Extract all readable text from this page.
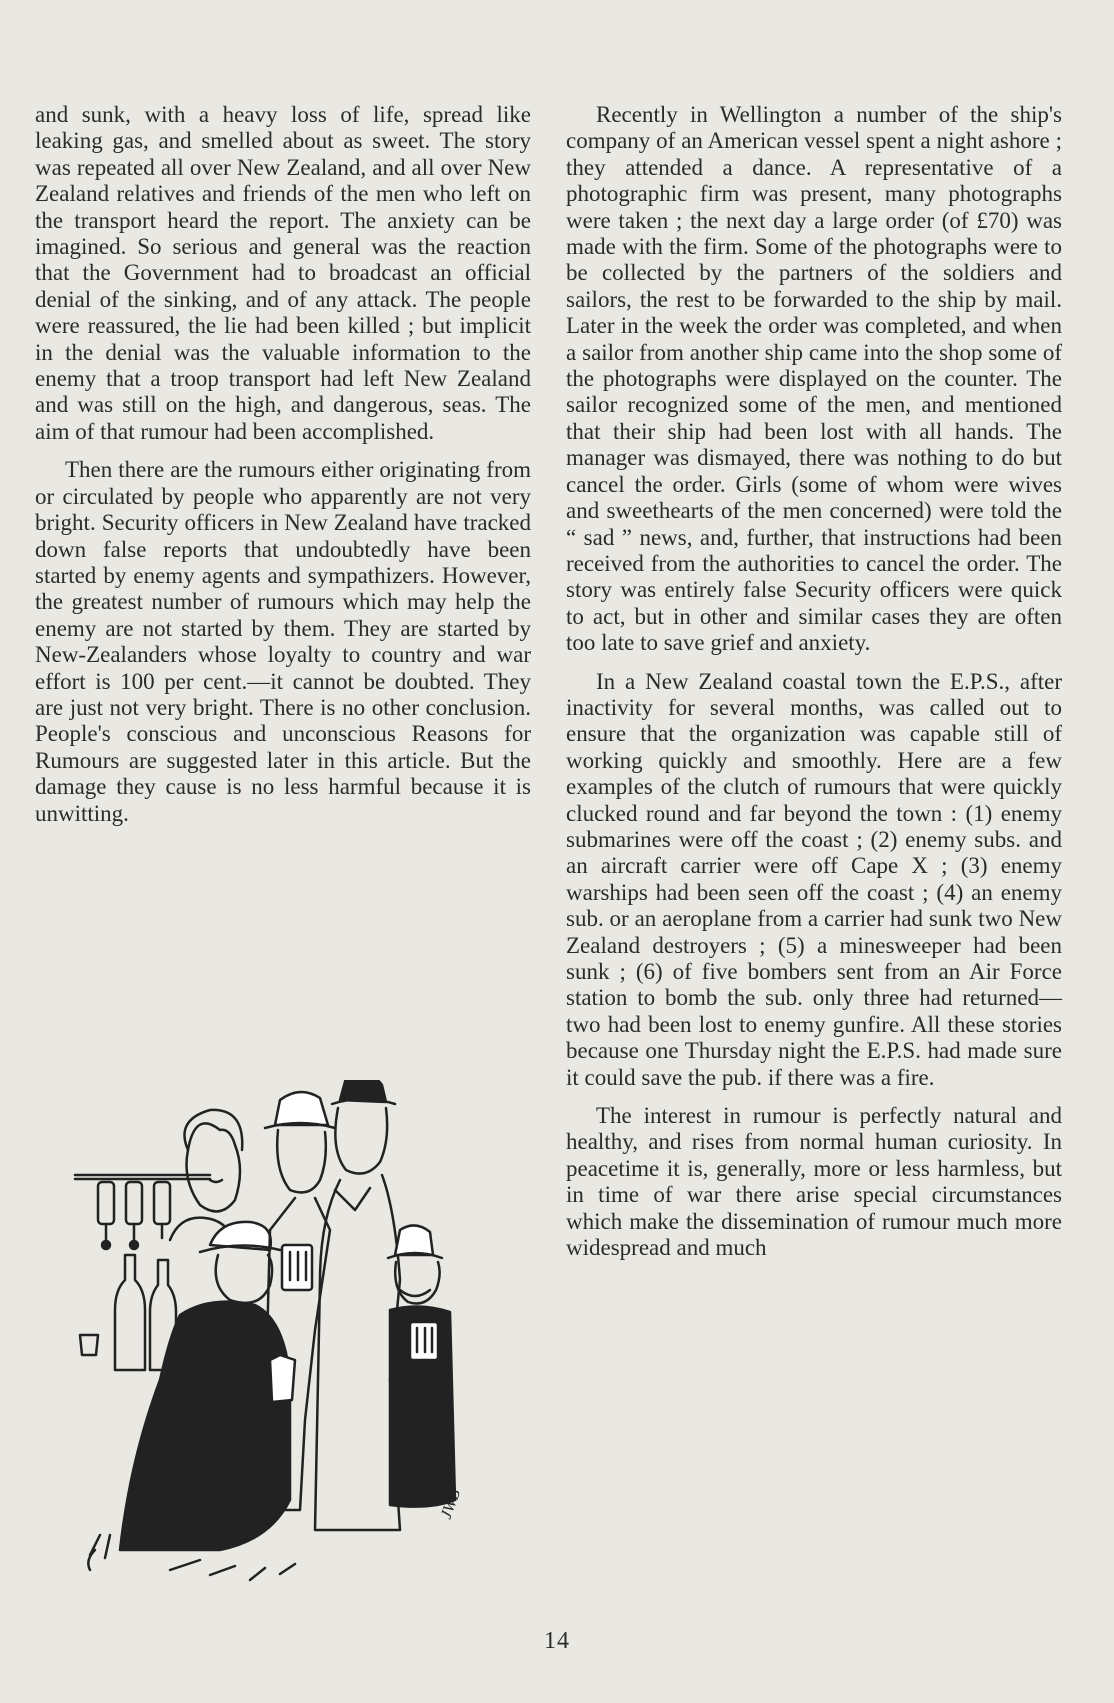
and sunk, with a heavy loss of life, spread like leaking gas, and smelled about as sweet. The story was repeated all over New Zealand, and all over New Zealand relatives and friends of the men who left on the transport heard the report. The anxiety can be imagined. So serious and general was the reaction that the Government had to broadcast an official denial of the sinking, and of any attack. The people were reassured, the lie had been killed ; but implicit in the denial was the valuable information to the enemy that a troop transport had left New Zealand and was still on the high, and dangerous, seas. The aim of that rumour had been accomplished.

Then there are the rumours either originating from or circulated by people who apparently are not very bright. Security officers in New Zealand have tracked down false reports that undoubtedly have been started by enemy agents and sympathizers. However, the greatest number of rumours which may help the enemy are not started by them. They are started by New-Zealanders whose loyalty to country and war effort is 100 per cent.—it cannot be doubted. They are just not very bright. There is no other conclusion. People's conscious and unconscious Reasons for Rumours are suggested later in this article. But the damage they cause is no less harmful because it is unwitting.

Recently in Wellington a number of the ship's company of an American vessel spent a night ashore ; they attended a dance. A representative of a photographic firm was present, many photographs were taken ; the next day a large order (of £70) was made with the firm. Some of the photographs were to be collected by the partners of the soldiers and sailors, the rest to be forwarded to the ship by mail. Later in the week the order was completed, and when a sailor from another ship came into the shop some of the photographs were displayed on the counter. The sailor recognized some of the men, and mentioned that their ship had been lost with all hands. The manager was dismayed, there was nothing to do but cancel the order. Girls (some of whom were wives and sweethearts of the men concerned) were told the “ sad ” news, and, further, that instructions had been received from the authorities to cancel the order. The story was entirely false Security officers were quick to act, but in other and similar cases they are often too late to save grief and anxiety.

In a New Zealand coastal town the E.P.S., after inactivity for several months, was called out to ensure that the organization was capable still of working quickly and smoothly. Here are a few examples of the clutch of rumours that were quickly clucked round and far beyond the town : (1) enemy submarines were off the coast ; (2) enemy subs. and an aircraft carrier were off Cape X ; (3) enemy warships had been seen off the coast ; (4) an enemy sub. or an aeroplane from a carrier had sunk two New Zealand destroyers ; (5) a minesweeper had been sunk ; (6) of five bombers sent from an Air Force station to bomb the sub. only three had returned—two had been lost to enemy gunfire. All these stories because one Thursday night the E.P.S. had made sure it could save the pub. if there was a fire.

The interest in rumour is perfectly natural and healthy, and rises from normal human curiosity. In peacetime it is, generally, more or less harmless, but in time of war there arise special circumstances which make the dissemination of rumour much more widespread and much

JWB
14
